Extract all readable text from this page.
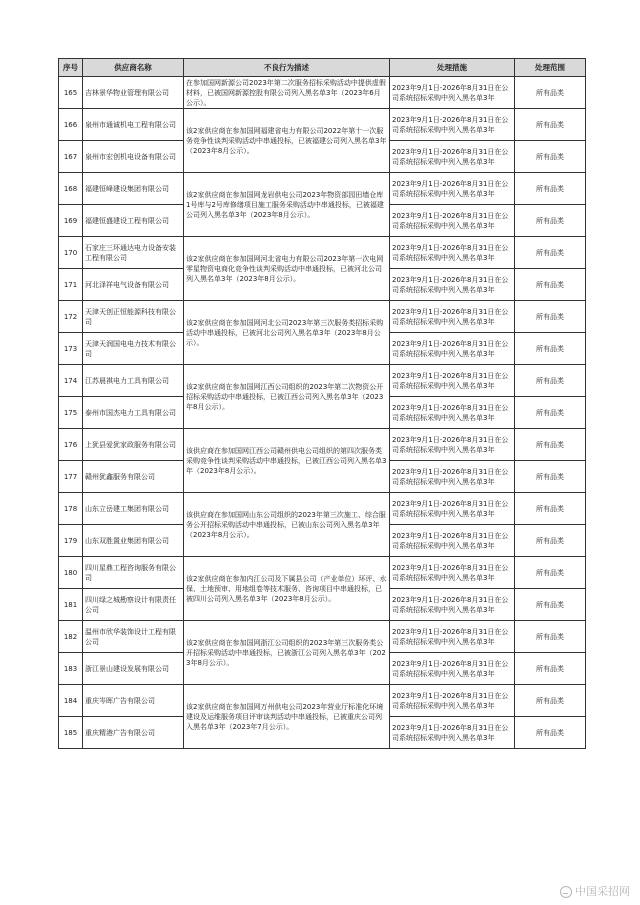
序号	供应商名称	不良行为描述	处理措施	处理范围
165	吉林景华物业管理有限公司	在参加国网新源公司2023年第二次服务招标采购活动中提供虚假材料，已被国网新源控股有限公司列入黑名单3年（2023年6月公示）。	2023年9月1日-2026年8月31日在公司系统招标采购中列入黑名单3年	所有品类
166	泉州市通诚机电工程有限公司	该2家供应商在参加国网福建省电力有限公司2022年第十一次服务竞争性谈判采购活动中串通投标，已被福建公司列入黑名单3年（2023年8月公示）。	2023年9月1日-2026年8月31日在公司系统招标采购中列入黑名单3年	所有品类
167	泉州市宏创机电设备有限公司		2023年9月1日-2026年8月31日在公司系统招标采购中列入黑名单3年	所有品类
168	福建恒峰建设集团有限公司	该2家供应商在参加国网龙岩供电公司2023年物资部园田墙仓库1号库与2号库修缮项目施工服务采购活动中串通投标，已被福建公司列入黑名单3年（2023年8月公示）。	2023年9月1日-2026年8月31日在公司系统招标采购中列入黑名单3年	所有品类
169	福建恒盛建设工程有限公司		2023年9月1日-2026年8月31日在公司系统招标采购中列入黑名单3年	所有品类
170	石家庄三环通达电力设备安装工程有限公司	该2家供应商在参加国网河北省电力有限公司2023年第一次电网零星物资电商化竞争性谈判采购活动中串通投标，已被河北公司列入黑名单3年（2023年8月公示）。	2023年9月1日-2026年8月31日在公司系统招标采购中列入黑名单3年	所有品类
171	河北泽祥电气设备有限公司		2023年9月1日-2026年8月31日在公司系统招标采购中列入黑名单3年	所有品类
172	天津天创正恒能源科技有限公司	该2家供应商在参加国网河北公司2023年第三次服务类招标采购活动中串通投标，已被河北公司列入黑名单3年（2023年8月公示）。	2023年9月1日-2026年8月31日在公司系统招标采购中列入黑名单3年	所有品类
173	天津天润国电电力技术有限公司		2023年9月1日-2026年8月31日在公司系统招标采购中列入黑名单3年	所有品类
174	江苏晨祺电力工具有限公司	该2家供应商在参加国网江西公司组织的2023年第二次物资公开招标采购活动中串通投标，已被江西公司列入黑名单3年（2023年8月公示）。	2023年9月1日-2026年8月31日在公司系统招标采购中列入黑名单3年	所有品类
175	泰州市国杰电力工具有限公司		2023年9月1日-2026年8月31日在公司系统招标采购中列入黑名单3年	所有品类
176	上犹县爱犹家政服务有限公司	该供应商在参加国网江西公司赣州供电公司组织的第四次服务类采购竞争性谈判采购活动中串通投标，已被江西公司列入黑名单3年（2023年8月公示）。	2023年9月1日-2026年8月31日在公司系统招标采购中列入黑名单3年	所有品类
177	赣州犹鑫服务有限公司		2023年9月1日-2026年8月31日在公司系统招标采购中列入黑名单3年	所有品类
178	山东立岳建工集团有限公司	该供应商在参加国网山东公司组织的2023年第三次施工、综合服务公开招标采购活动中串通投标，已被山东公司列入黑名单3年（2023年8月公示）。	2023年9月1日-2026年8月31日在公司系统招标采购中列入黑名单3年	所有品类
179	山东双胜置业集团有限公司		2023年9月1日-2026年8月31日在公司系统招标采购中列入黑名单3年	所有品类
180	四川星鼎工程咨询服务有限公司	该2家供应商在参加内江公司及下属县公司（产业单位）环评、水保、土地预审、用地组卷等技术服务、咨询项目中串通投标，已被四川公司列入黑名单3年（2023年8月公示）。	2023年9月1日-2026年8月31日在公司系统招标采购中列入黑名单3年	所有品类
181	四川绿之城勘察设计有限责任公司		2023年9月1日-2026年8月31日在公司系统招标采购中列入黑名单3年	所有品类
182	温州市欣华装饰设计工程有限公司	该2家供应商在参加国网浙江公司组织的2023年第三次服务类公开招标采购活动中串通投标，已被浙江公司列入黑名单3年（2023年8月公示）。	2023年9月1日-2026年8月31日在公司系统招标采购中列入黑名单3年	所有品类
183	浙江景山建设发展有限公司		2023年9月1日-2026年8月31日在公司系统招标采购中列入黑名单3年	所有品类
184	重庆岑晖广告有限公司	该2家供应商在参加国网万州供电公司2023年营业厅标准化环境建设及运维服务项目评审谈判活动中串通投标，已被重庆公司列入黑名单3年（2023年7月公示）。	2023年9月1日-2026年8月31日在公司系统招标采购中列入黑名单3年	所有品类
185	重庆精港广告有限公司		2023年9月1日-2026年8月31日在公司系统招标采购中列入黑名单3年	所有品类
中国采招网
